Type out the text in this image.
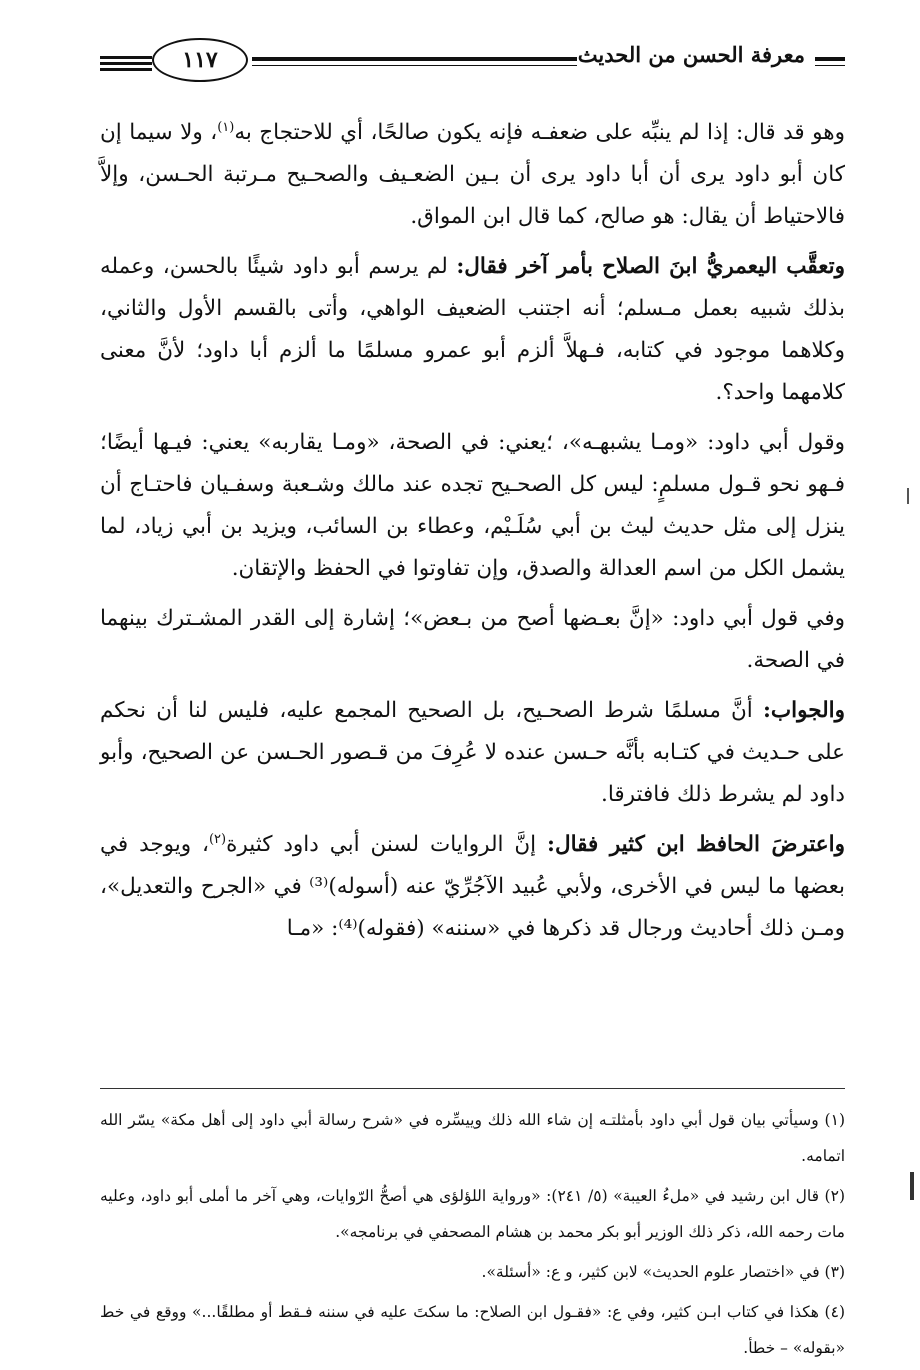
معرفة الحسن من الحديث
١١٧

وهو قد قال: إذا لم ينبِّه على ضعفـه فإنه يكون صالحًا، أي للاحتجاج به$^{(١)}$، ولا سيما إن كان أبو داود يرى أن أبا داود يرى أن بـين الضعـيف والصحـيح مـرتبة الحـسن، وإلاَّ فالاحتياط أن يقال: هو صالح، كما قال ابن المواق.

وتعقَّب اليعمريُّ ابنَ الصلاح بأمر آخر فقال: لم يرسم أبو داود شيئًا بالحسن، وعمله بذلك شبيه بعمل مـسلم؛ أنه اجتنب الضعيف الواهي، وأتى بالقسم الأول والثاني، وكلاهما موجود في كتابه، فـهلاَّ ألزم أبو عمرو مسلمًا ما ألزم أبا داود؛ لأنَّ معنى كلامهما واحد؟.

وقول أبي داود: «ومـا يشبهـه»، ؛يعني: في الصحة، «ومـا يقاربه» يعني: فيـها أيضًا؛ فـهو نحو قـول مسلمٍ: ليس كل الصحـيح تجده عند مالك وشـعبة وسفـيان فاحتـاج أن ينزل إلى مثل حديث ليث بن أبي سُلَـيْم، وعطاء بن السائب، ويزيد بن أبي زياد، لما يشمل الكل من اسم العدالة والصدق، وإن تفاوتوا في الحفظ والإتقان.

وفي قول أبي داود: «إنَّ بعـضها أصح من بـعض»؛ إشارة إلى القدر المشـترك بينهما في الصحة.

والجواب: أنَّ مسلمًا شرط الصحـيح، بل الصحيح المجمع عليه، فليس لنا أن نحكم على حـديث في كتـابه بأنَّه حـسن عنده لا عُرِفَ من قـصور الحـسن عن الصحيح، وأبو داود لم يشرط ذلك فافترقا.

واعترضَ الحافظ ابن كثير فقال: إنَّ الروايات لسنن أبي داود كثيرة$^{(٢)}$، ويوجد في بعضها ما ليس في الأخرى، ولأبي عُبيد الآجُرِّيّ عنه (أسوله)⁽³⁾ في «الجرح والتعديل»، ومـن ذلك أحاديث ورجال قد ذكرها في «سننه» (فقوله)⁽⁴⁾: «مـا

(١) وسيأتي بيان قول أبي داود بأمثلتـه إن شاء الله ذلك وييسِّره في «شرح رسالة أبي داود إلى أهل مكة» يسّر الله اتمامه.

(٢) قال ابن رشيد في «ملءُ العيبة» (٥/ ٢٤١): «ورواية اللؤلؤى هي أصحُّ الرّوايات، وهي آخر ما أملى أبو داود، وعليه مات رحمه الله، ذكر ذلك الوزير أبو بكر محمد بن هشام المصحفي في برنامجه».

(٣) في «اختصار علوم الحديث» لابن كثير، و ع: «أسئلة».

(٤) هكذا في كتاب ابـن كثير، وفي ع: «فقـول ابن الصلاح: ما سكتَ عليه في سننه فـقط أو مطلقًا...» ووقع في خط «بقوله» – خطأ.
